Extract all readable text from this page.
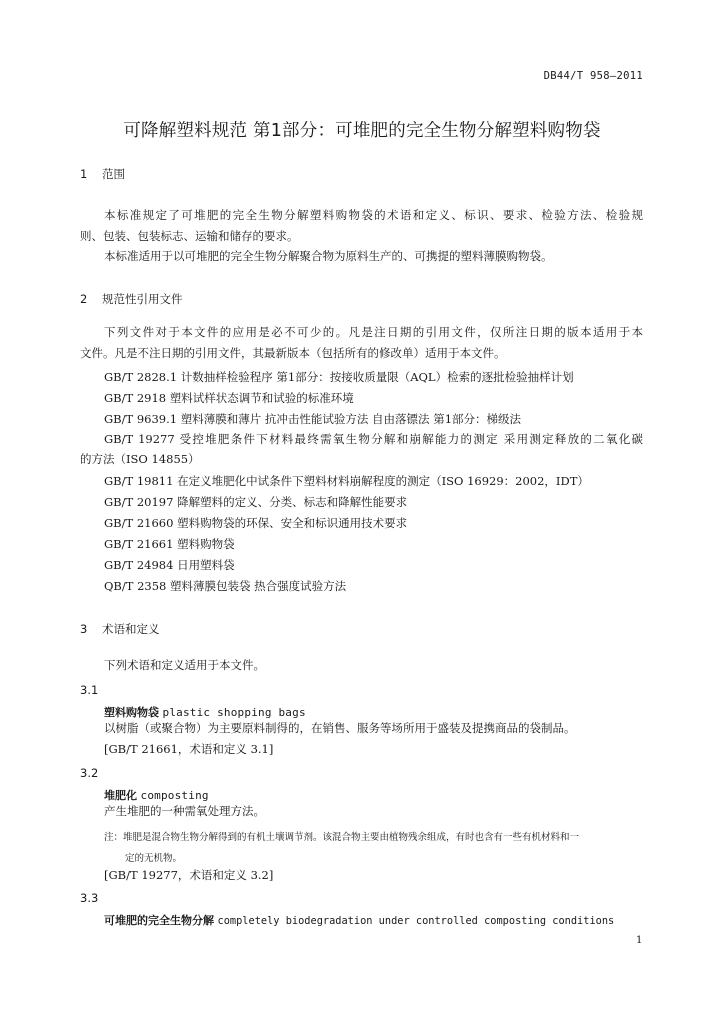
DB44/T 958—2011
可降解塑料规范 第1部分：可堆肥的完全生物分解塑料购物袋
1 范围
本标准规定了可堆肥的完全生物分解塑料购物袋的术语和定义、标识、要求、检验方法、检验规
则、包装、包装标志、运输和储存的要求。
本标准适用于以可堆肥的完全生物分解聚合物为原料生产的、可携提的塑料薄膜购物袋。
2 规范性引用文件
下列文件对于本文件的应用是必不可少的。凡是注日期的引用文件，仅所注日期的版本适用于本
文件。凡是不注日期的引用文件，其最新版本（包括所有的修改单）适用于本文件。
GB/T 2828.1 计数抽样检验程序 第1部分：按接收质量限（AQL）检索的逐批检验抽样计划
GB/T 2918 塑料试样状态调节和试验的标准环境
GB/T 9639.1 塑料薄膜和薄片 抗冲击性能试验方法 自由落镖法 第1部分：梯级法
GB/T 19277 受控堆肥条件下材料最终需氧生物分解和崩解能力的测定 采用测定释放的二氧化碳
的方法（ISO 14855）
GB/T 19811 在定义堆肥化中试条件下塑料材料崩解程度的测定（ISO 16929：2002，IDT）
GB/T 20197 降解塑料的定义、分类、标志和降解性能要求
GB/T 21660 塑料购物袋的环保、安全和标识通用技术要求
GB/T 21661 塑料购物袋
GB/T 24984 日用塑料袋
QB/T 2358 塑料薄膜包装袋 热合强度试验方法
3 术语和定义
下列术语和定义适用于本文件。
3.1
塑料购物袋 plastic shopping bags
以树脂（或聚合物）为主要原料制得的，在销售、服务等场所用于盛装及提携商品的袋制品。
[GB/T 21661，术语和定义 3.1]
3.2
堆肥化 composting
产生堆肥的一种需氧处理方法。
注：堆肥是混合物生物分解得到的有机土壤调节剂。该混合物主要由植物残余组成，有时也含有一些有机材料和一
定的无机物。
[GB/T 19277，术语和定义 3.2]
3.3
可堆肥的完全生物分解 completely biodegradation under controlled composting conditions
1
